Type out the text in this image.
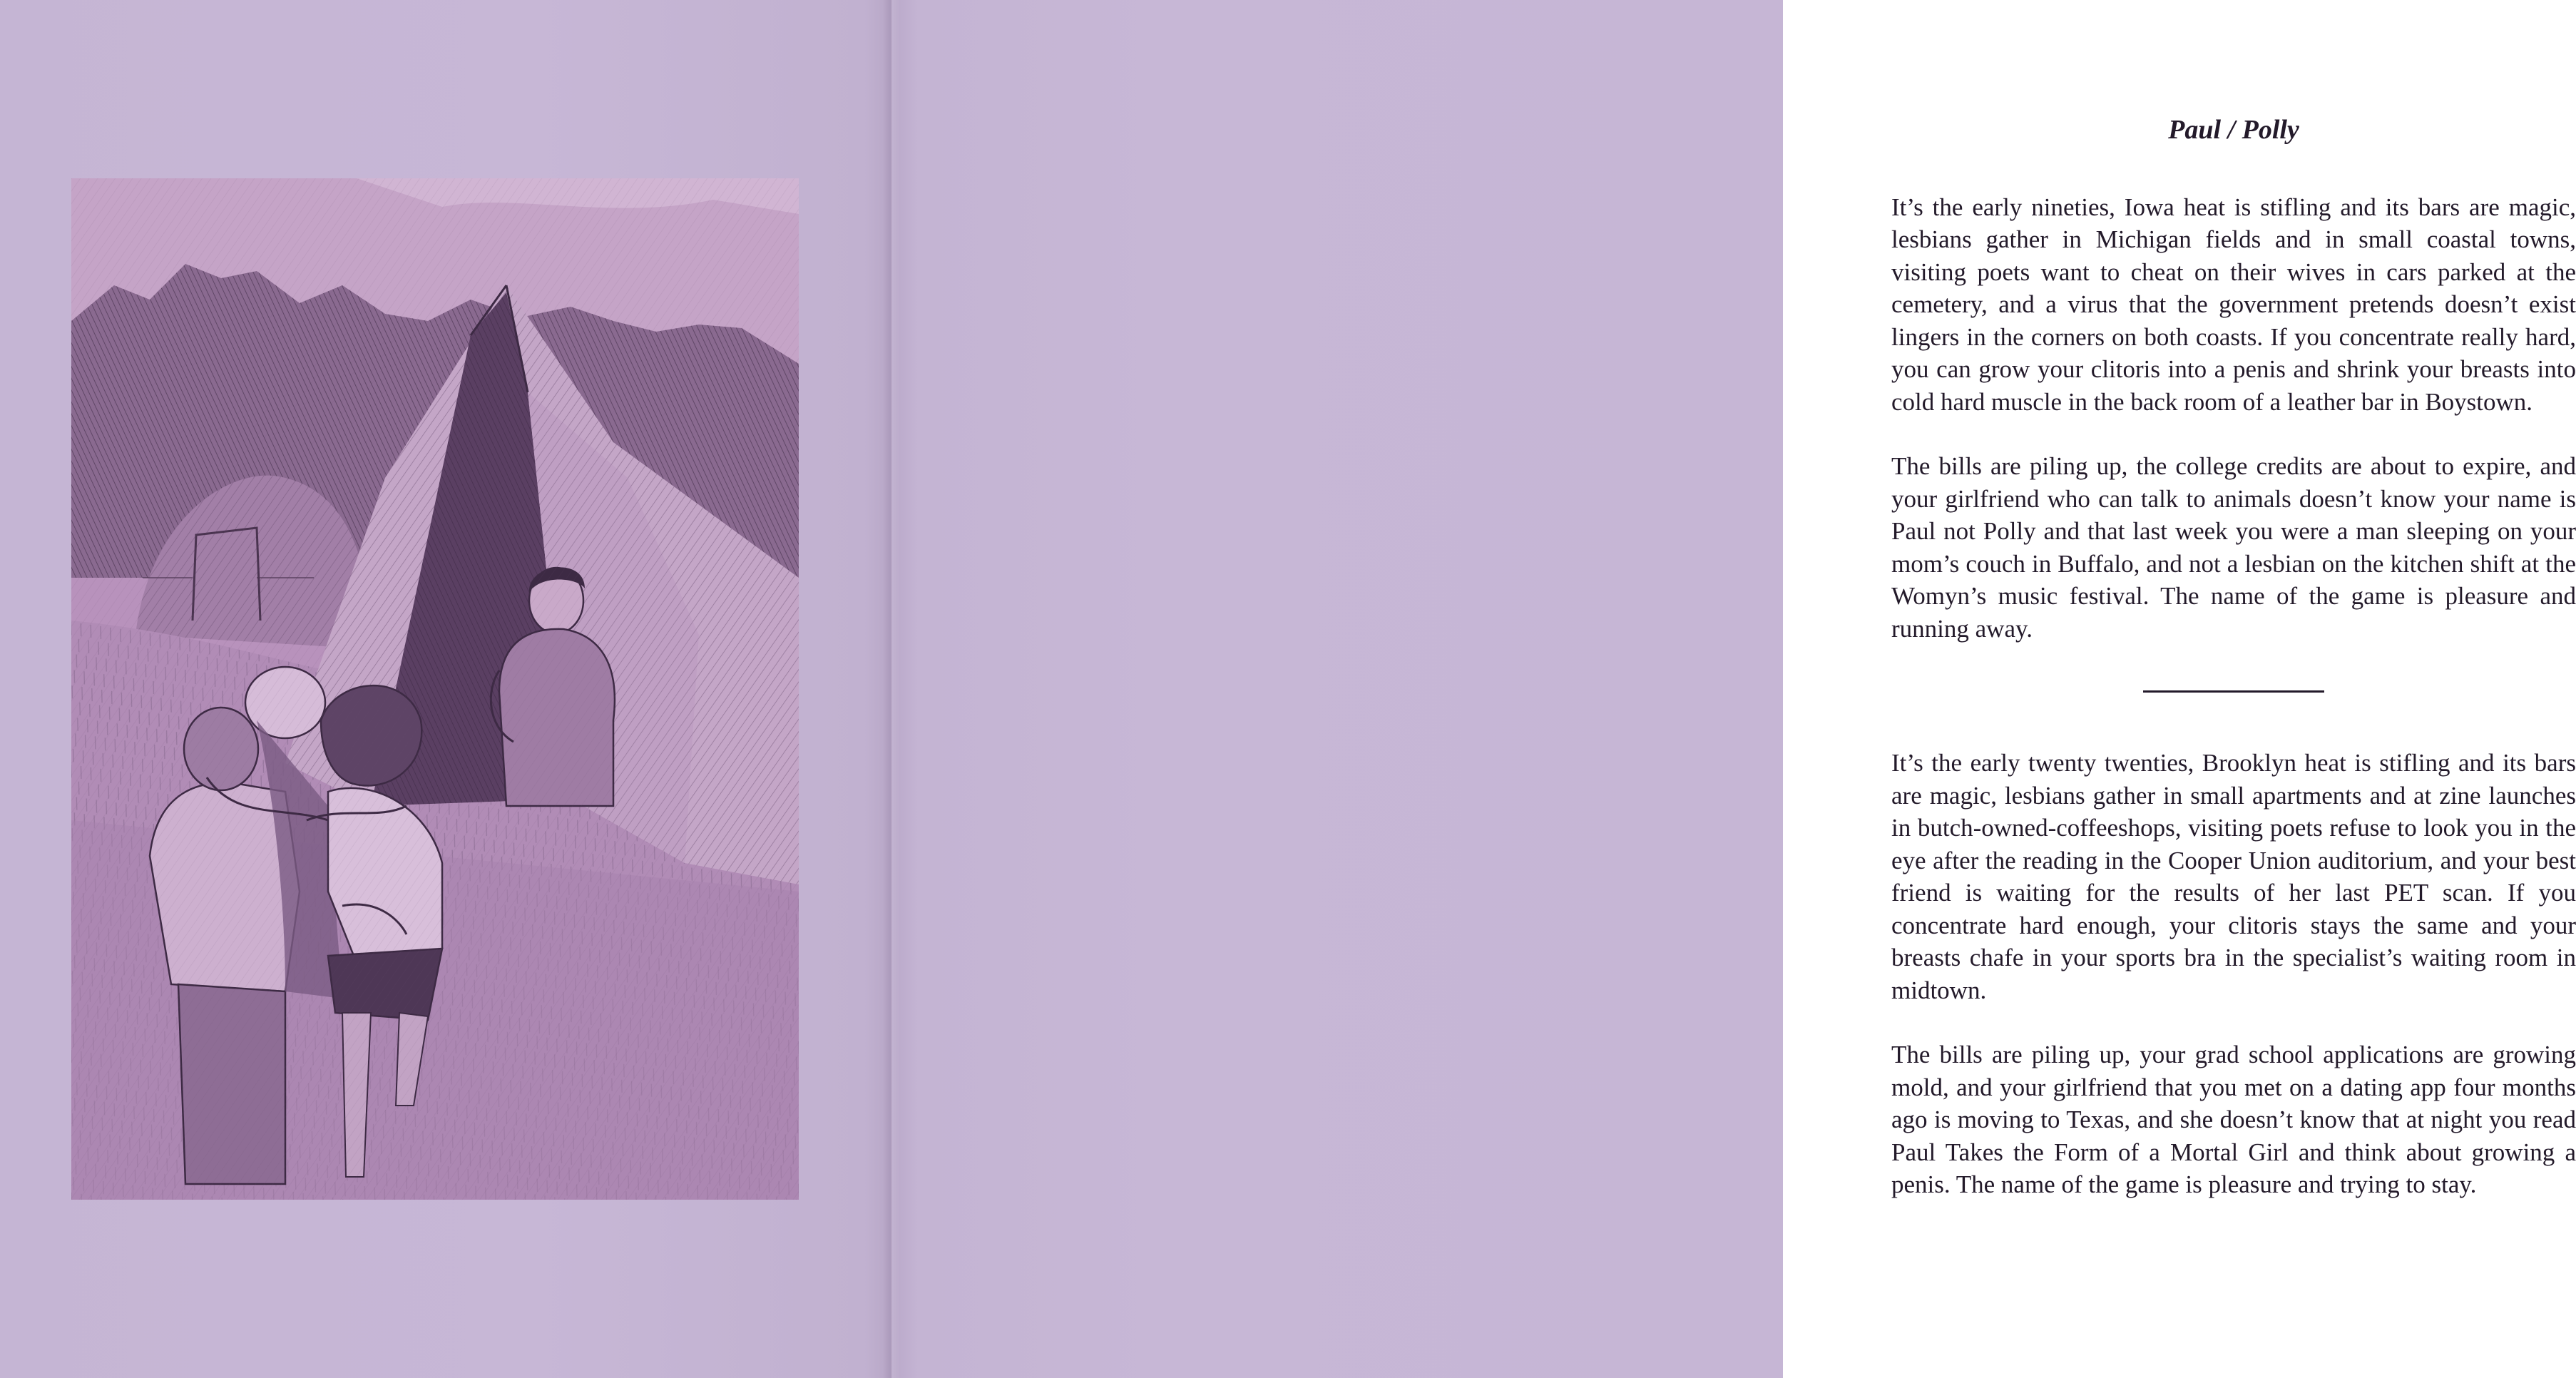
Paul / Polly

It’s the early nineties, Iowa heat is stifling and its bars are magic, lesbians gather in Michigan fields and in small coastal towns, visiting poets want to cheat on their wives in cars parked at the cemetery, and a virus that the government pretends doesn’t exist lingers in the corners on both coasts. If you concentrate really hard, you can grow your clitoris into a penis and shrink your breasts into cold hard muscle in the back room of a leather bar in Boystown.

The bills are piling up, the college credits are about to expire, and your girlfriend who can talk to animals doesn’t know your name is Paul not Polly and that last week you were a man sleeping on your mom’s couch in Buffalo, and not a lesbian on the kitchen shift at the Womyn’s music festival. The name of the game is pleasure and running away.

It’s the early twenty twenties, Brooklyn heat is stifling and its bars are magic, lesbians gather in small apartments and at zine launches in butch-owned-coffeeshops, visiting poets refuse to look you in the eye after the reading in the Cooper Union auditorium, and your best friend is waiting for the results of her last PET scan. If you concentrate hard enough, your clitoris stays the same and your breasts chafe in your sports bra in the specialist’s waiting room in midtown.

The bills are piling up, your grad school applications are growing mold, and your girlfriend that you met on a dating app four months ago is moving to Texas, and she doesn’t know that at night you read Paul Takes the Form of a Mortal Girl and think about growing a penis. The name of the game is pleasure and trying to stay.
